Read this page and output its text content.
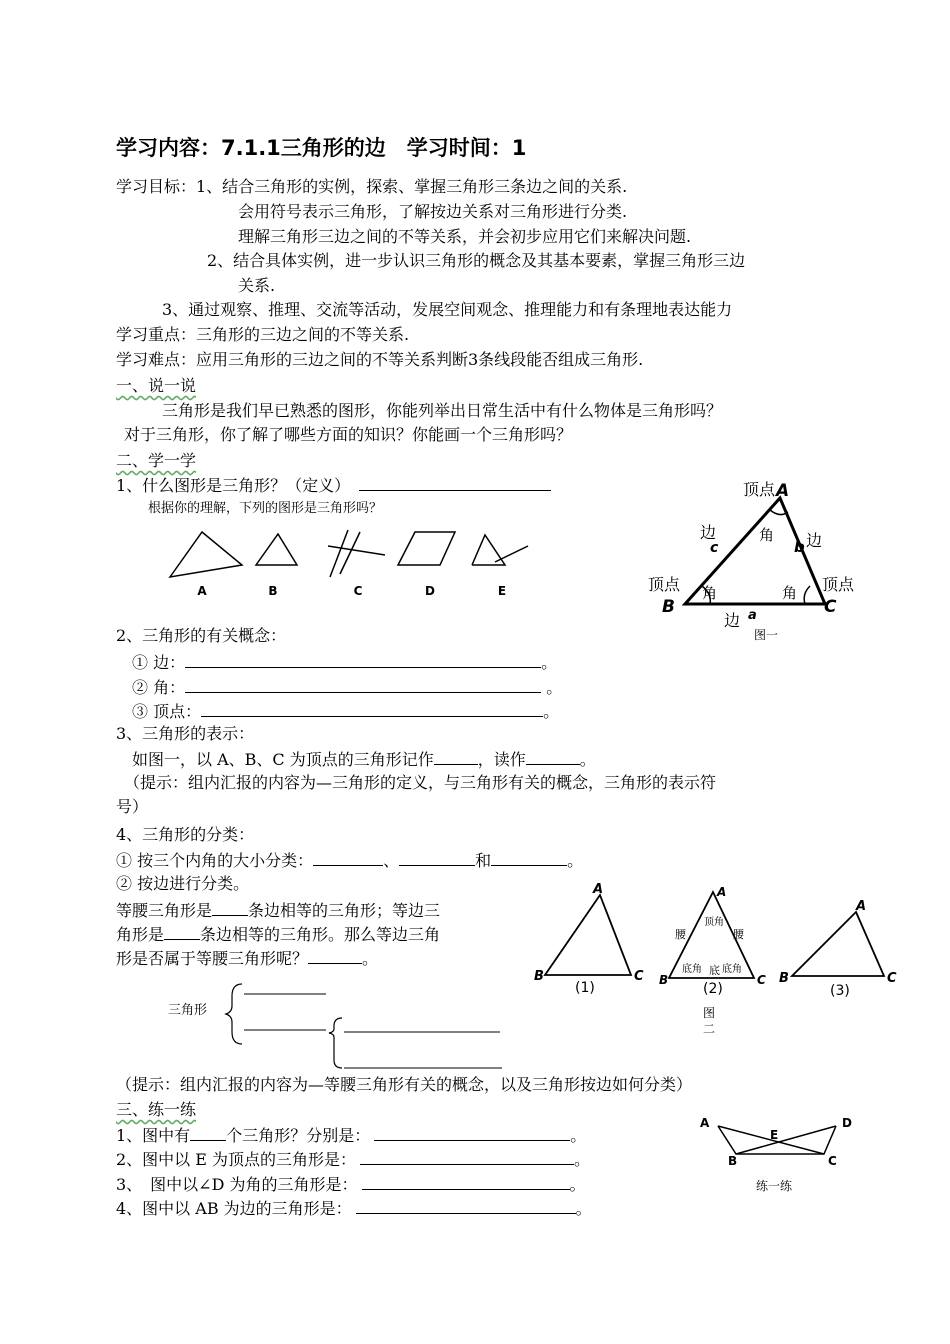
学习内容：7.1.1三角形的边　学习时间：1
学习目标：1、结合三角形的实例，探索、掌握三角形三条边之间的关系.
会用符号表示三角形，了解按边关系对三角形进行分类.
理解三角形三边之间的不等关系，并会初步应用它们来解决问题.
2、结合具体实例，进一步认识三角形的概念及其基本要素，掌握三角形三边
关系.
3、通过观察、推理、交流等活动，发展空间观念、推理能力和有条理地表达能力
学习重点：三角形的三边之间的不等关系.
学习难点：应用三角形的三边之间的不等关系判断3条线段能否组成三角形.
一、说一说
三角形是我们早已熟悉的图形，你能列举出日常生活中有什么物体是三角形吗？
对于三角形，你了解了哪些方面的知识？你能画一个三角形吗？
二、学一学
1、什么图形是三角形？（定义）
根据你的理解，下列的图形是三角形吗？
A	B	C	D	E
顶点 A
顶点
B
顶点
C
边
c	b 边
边 a
角
角	角
图一
2、三角形的有关概念：
① 边：	。
② 角：	。
③ 顶点：	。
3、三角形的表示：
如图一，以 A、B、C 为顶点的三角形记作	，读作	。
（提示：组内汇报的内容为—三角形的定义，与三角形有关的概念，三角形的表示符
号）
4、三角形的分类：
① 按三个内角的大小分类：	、	和	。
② 按边进行分类。
等腰三角形是 条边相等的三角形；等边三
角形是 条边相等的三角形。那么等边三角
形是否属于等腰三角形呢？	。
三角形
A
B	C
(1)
A
B	C
顶角
腰	腰
底角 底 底角
(2)
A
B	C
(3)
图
二
（提示：组内汇报的内容为—等腰三角形有关的概念，以及三角形按边如何分类）
三、练一练
1、图中有 个三角形？分别是：	。
2、图中以 E 为顶点的三角形是：	。
3、　图中以∠D 为角的三角形是：	。
4、图中以 AB 为边的三角形是：	。
A	D
E
B	C
练一练
